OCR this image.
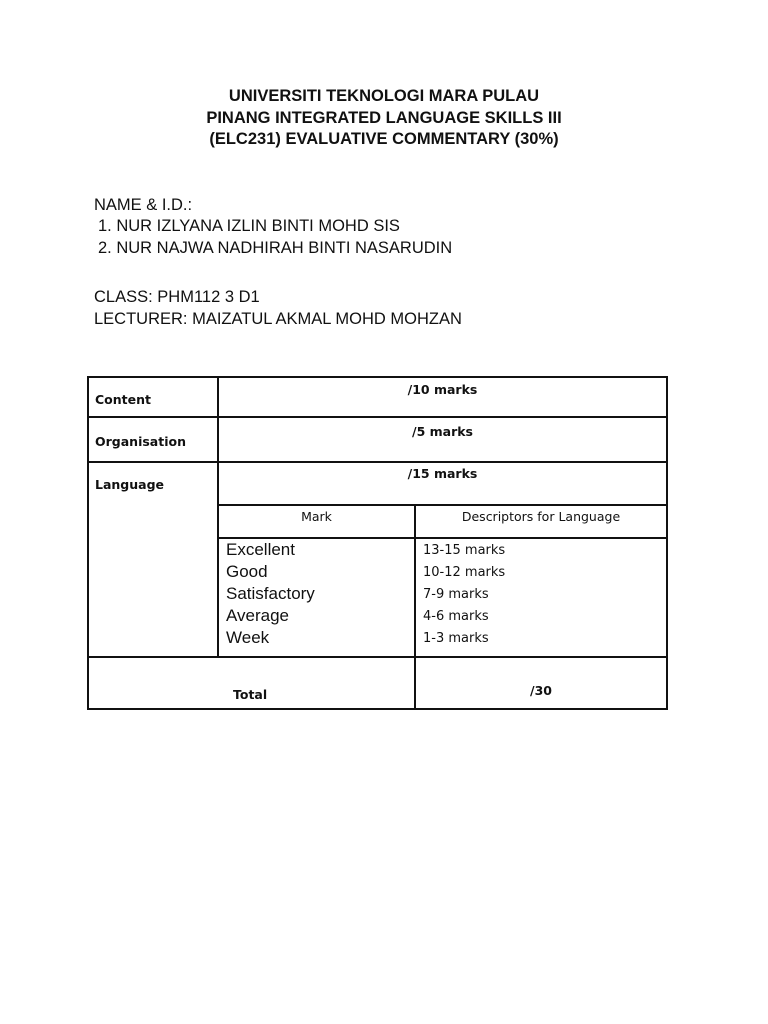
UNIVERSITI TEKNOLOGI MARA PULAU
PINANG INTEGRATED LANGUAGE SKILLS III
(ELC231) EVALUATIVE COMMENTARY (30%)
NAME & I.D.:
1. NUR IZLYANA IZLIN BINTI MOHD SIS
2. NUR NAJWA NADHIRAH BINTI NASARUDIN
CLASS: PHM112 3 D1
LECTURER: MAIZATUL AKMAL MOHD MOHZAN
Content
/10 marks
Organisation
/5 marks
Language
/15 marks
Mark	Descriptors for Language
Excellent
Good
Satisfactory
Average
Week
13-15 marks
10-12 marks
7-9 marks
4-6 marks
1-3 marks
Total	/30
